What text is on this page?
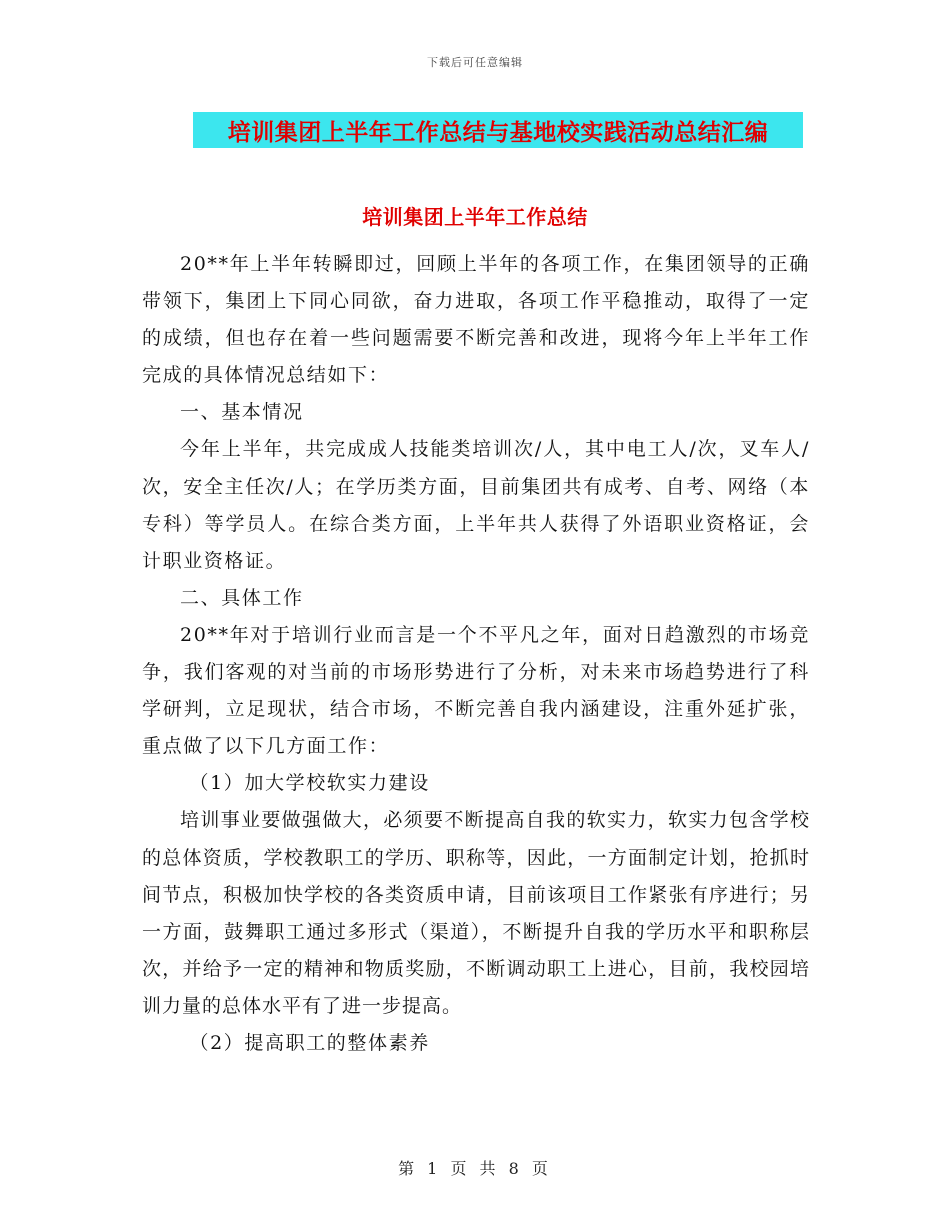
下载后可任意编辑
培训集团上半年工作总结与基地校实践活动总结汇编
培训集团上半年工作总结

20**年上半年转瞬即过，回顾上半年的各项工作，在集团领导的正确带领下，集团上下同心同欲，奋力进取，各项工作平稳推动，取得了一定的成绩，但也存在着一些问题需要不断完善和改进，现将今年上半年工作完成的具体情况总结如下：

一、基本情况

今年上半年，共完成成人技能类培训次/人，其中电工人/次，叉车人/次，安全主任次/人；在学历类方面，目前集团共有成考、自考、网络（本专科）等学员人。在综合类方面，上半年共人获得了外语职业资格证，会计职业资格证。

二、具体工作

20**年对于培训行业而言是一个不平凡之年，面对日趋激烈的市场竞争，我们客观的对当前的市场形势进行了分析，对未来市场趋势进行了科学研判，立足现状，结合市场，不断完善自我内涵建设，注重外延扩张，重点做了以下几方面工作：

（1）加大学校软实力建设

培训事业要做强做大，必须要不断提高自我的软实力，软实力包含学校的总体资质，学校教职工的学历、职称等，因此，一方面制定计划，抢抓时间节点，积极加快学校的各类资质申请，目前该项目工作紧张有序进行；另一方面，鼓舞职工通过多形式（渠道），不断提升自我的学历水平和职称层次，并给予一定的精神和物质奖励，不断调动职工上进心，目前，我校园培训力量的总体水平有了进一步提高。

（2）提高职工的整体素养

第 1 页 共 8 页
